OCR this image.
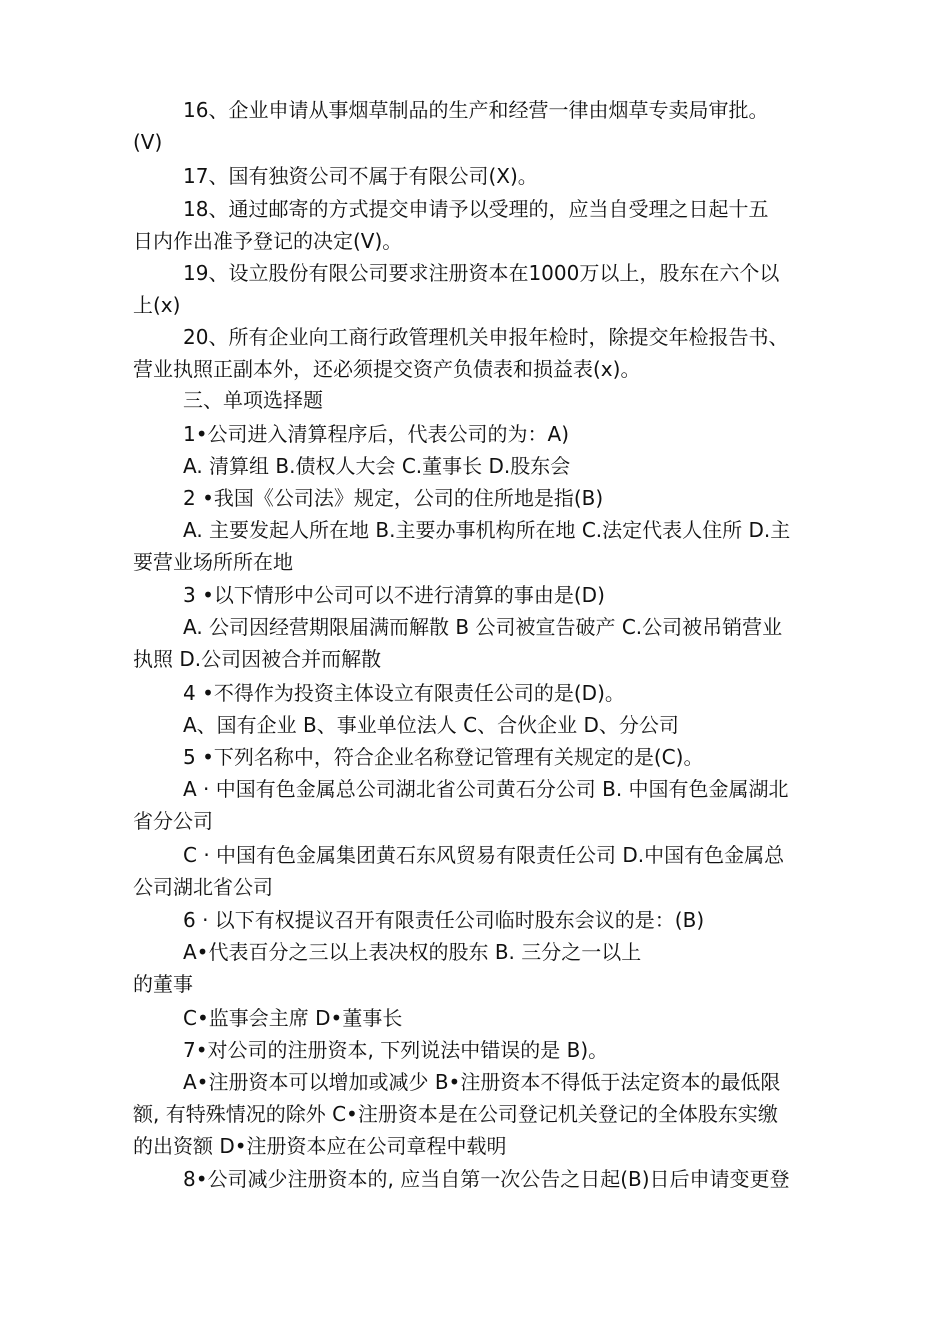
16、企业申请从事烟草制品的生产和经营一律由烟草专卖局审批。
(V)
17、国有独资公司不属于有限公司(X)。
18、通过邮寄的方式提交申请予以受理的，应当自受理之日起十五
日内作出准予登记的决定(V)。
19、设立股份有限公司要求注册资本在1000万以上，股东在六个以
上(x)
20、所有企业向工商行政管理机关申报年检时，除提交年检报告书、
营业执照正副本外，还必须提交资产负债表和损益表(x)。
三、单项选择题
1•公司进入清算程序后，代表公司的为：A)
A. 清算组 B.债权人大会 C.董事长 D.股东会
2 •我国《公司法》规定，公司的住所地是指(B)
A. 主要发起人所在地 B.主要办事机构所在地 C.法定代表人住所 D.主
要营业场所所在地
3 •以下情形中公司可以不进行清算的事由是(D)
A. 公司因经营期限届满而解散 B 公司被宣告破产 C.公司被吊销营业
执照 D.公司因被合并而解散
4 •不得作为投资主体设立有限责任公司的是(D)。
A、国有企业 B、事业单位法人 C、合伙企业 D、分公司
5 •下列名称中，符合企业名称登记管理有关规定的是(C)。
A · 中国有色金属总公司湖北省公司黄石分公司 B. 中国有色金属湖北
省分公司
C · 中国有色金属集团黄石东风贸易有限责任公司 D.中国有色金属总
公司湖北省公司
6 · 以下有权提议召开有限责任公司临时股东会议的是：(B)
A•代表百分之三以上表决权的股东 B. 三分之一以上
的董事
C•监事会主席 D•董事长
7•对公司的注册资本, 下列说法中错误的是 B)。
A•注册资本可以增加或减少 B•注册资本不得低于法定资本的最低限
额, 有特殊情况的除外 C•注册资本是在公司登记机关登记的全体股东实缴
的出资额 D•注册资本应在公司章程中载明
8•公司减少注册资本的, 应当自第一次公告之日起(B)日后申请变更登
